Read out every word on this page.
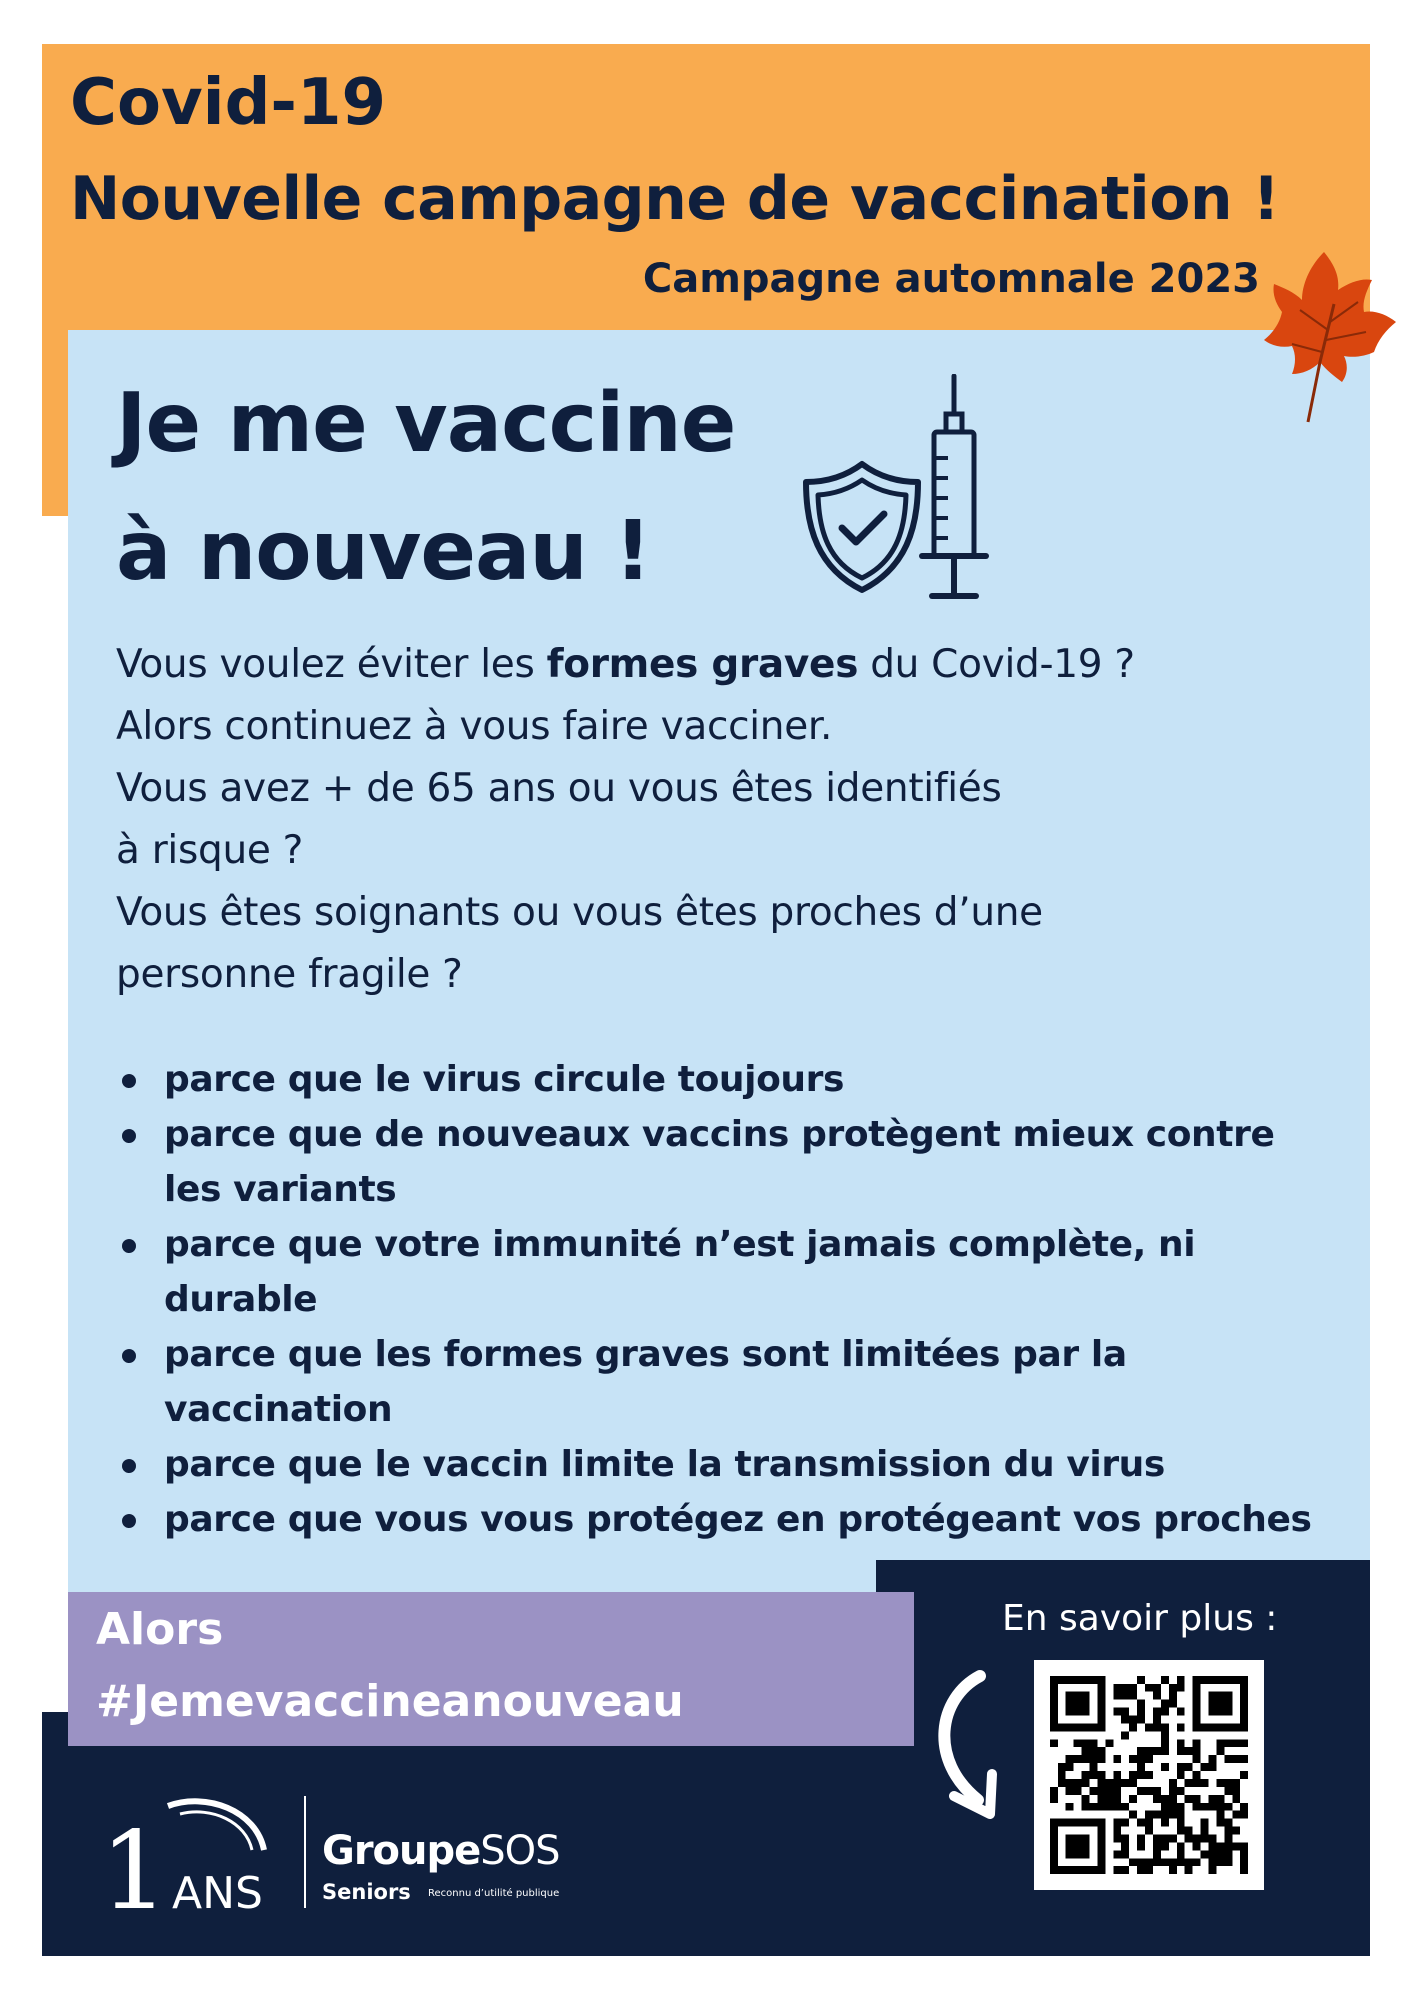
Covid-19
Nouvelle campagne de vaccination !
Campagne automnale 2023
Je me vaccine
à nouveau !

Vous voulez éviter les formes graves du Covid-19 ?

Alors continuez à vous faire vacciner.

Vous avez + de 65 ans ou vous êtes identifiés

à risque ?

Vous êtes soignants ou vous êtes proches d’une

personne fragile ?

parce que le virus circule toujours
parce que de nouveaux vaccins protègent mieux contre les variants
parce que votre immunité n’est jamais complète, ni durable
parce que les formes graves sont limitées par la vaccination
parce que le vaccin limite la transmission du virus
parce que vous vous protégez en protégeant vos proches
Alors
#Jemevaccineanouveau
En savoir plus :
1 ANS
GroupeSOS
Seniors Reconnu d’utilité publique
